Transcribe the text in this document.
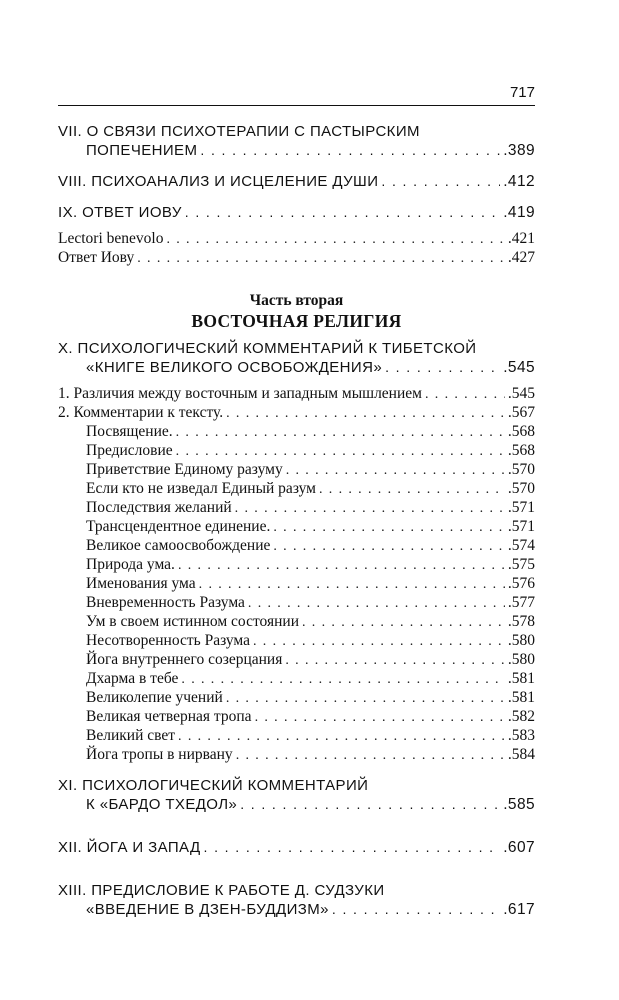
717
VII. О СВЯЗИ ПСИХОТЕРАПИИ С ПАСТЫРСКИМ
ПОПЕЧЕНИЕМ . . .	.389
VIII. ПСИХОАНАЛИЗ И ИСЦЕЛЕНИЕ ДУШИ . . .	.412
IX. ОТВЕТ ИОВУ . . .	.419
Lectori benevolo . . .	.421
Ответ Иову . . .	.427
Часть вторая
ВОСТОЧНАЯ РЕЛИГИЯ
X. ПСИХОЛОГИЧЕСКИЙ КОММЕНТАРИЙ К ТИБЕТСКОЙ
«КНИГЕ ВЕЛИКОГО ОСВОБОЖДЕНИЯ» . . .	.545
1. Различия между восточным и западным мышлением . . .	.545
2. Комментарии к тексту. . . .	.567
Посвящение. . . .	.568
Предисловие . . .	.568
Приветствие Единому разуму . . .	.570
Если кто не изведал Единый разум . . .	.570
Последствия желаний . . .	.571
Трансцендентное единение. . . .	.571
Великое самоосвобождение . . .	.574
Природа ума. . . .	.575
Именования ума . . .	.576
Вневременность Разума . . .	.577
Ум в своем истинном состоянии . . .	.578
Несотворенность Разума . . .	.580
Йога внутреннего созерцания . . .	.580
Дхарма в тебе . . .	.581
Великолепие учений . . .	.581
Великая четверная тропа . . .	.582
Великий свет . . .	.583
Йога тропы в нирвану . . .	.584
XI. ПСИХОЛОГИЧЕСКИЙ КОММЕНТАРИЙ
К «БАРДО ТХЕДОЛ» . . .	.585
XII. ЙОГА И ЗАПАД . . .	.607
XIII. ПРЕДИСЛОВИЕ К РАБОТЕ Д. СУДЗУКИ
«ВВЕДЕНИЕ В ДЗЕН-БУДДИЗМ» . . .	.617
